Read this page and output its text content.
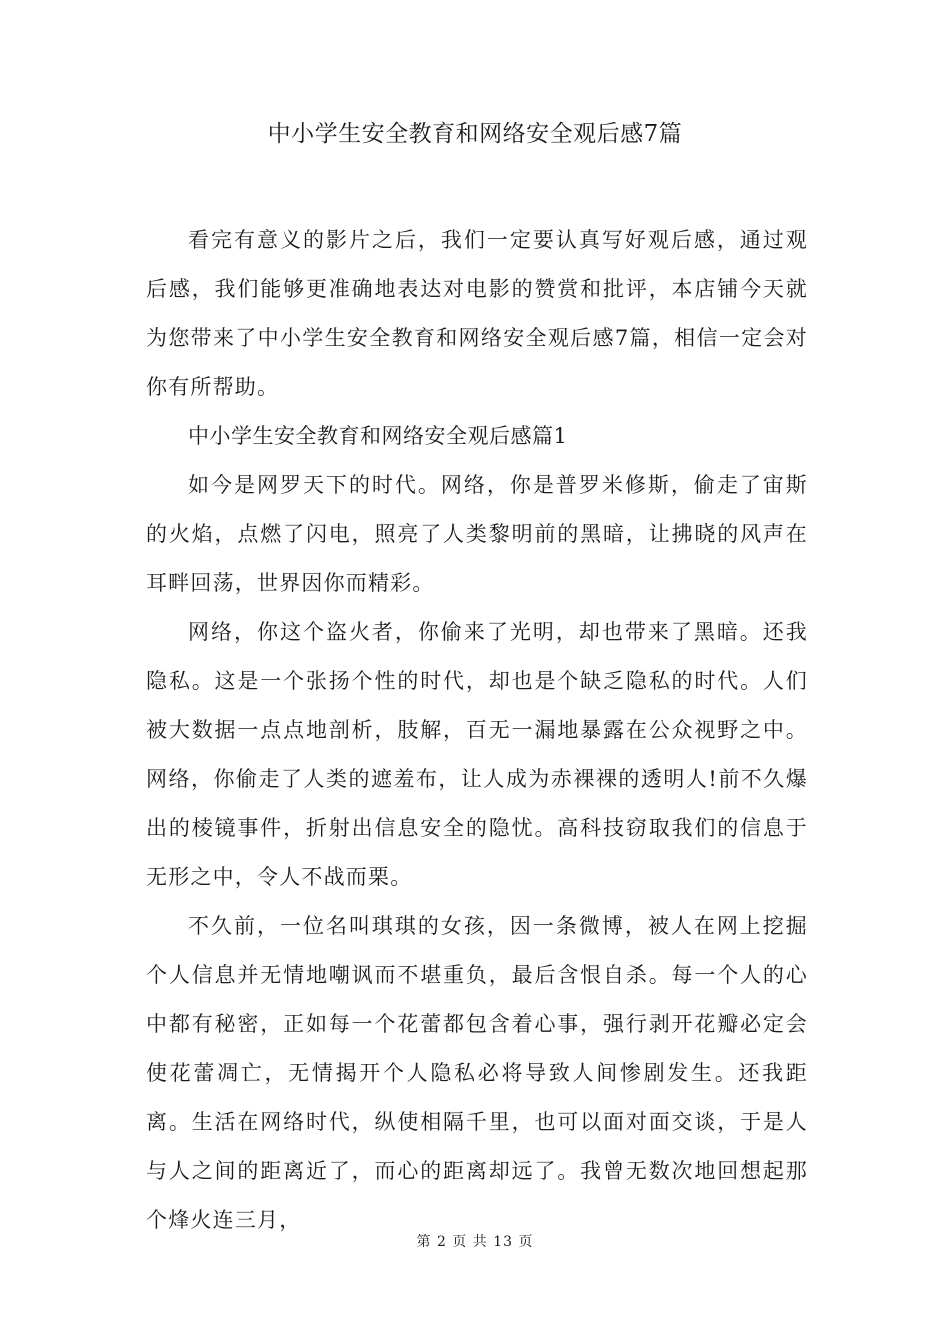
中小学生安全教育和网络安全观后感7篇

看完有意义的影片之后，我们一定要认真写好观后感，通过观后感，我们能够更准确地表达对电影的赞赏和批评，本店铺今天就为您带来了中小学生安全教育和网络安全观后感7篇，相信一定会对你有所帮助。

中小学生安全教育和网络安全观后感篇1

如今是网罗天下的时代。网络，你是普罗米修斯，偷走了宙斯的火焰，点燃了闪电，照亮了人类黎明前的黑暗，让拂晓的风声在耳畔回荡，世界因你而精彩。

网络，你这个盗火者，你偷来了光明，却也带来了黑暗。还我隐私。这是一个张扬个性的时代，却也是个缺乏隐私的时代。人们被大数据一点点地剖析，肢解，百无一漏地暴露在公众视野之中。网络，你偷走了人类的遮羞布，让人成为赤裸裸的透明人!前不久爆出的棱镜事件，折射出信息安全的隐忧。高科技窃取我们的信息于无形之中，令人不战而栗。

不久前，一位名叫琪琪的女孩，因一条微博，被人在网上挖掘个人信息并无情地嘲讽而不堪重负，最后含恨自杀。每一个人的心中都有秘密，正如每一个花蕾都包含着心事，强行剥开花瓣必定会使花蕾凋亡，无情揭开个人隐私必将导致人间惨剧发生。还我距离。生活在网络时代，纵使相隔千里，也可以面对面交谈，于是人与人之间的距离近了，而心的距离却远了。我曾无数次地回想起那个烽火连三月，

第 2 页 共 13 页
